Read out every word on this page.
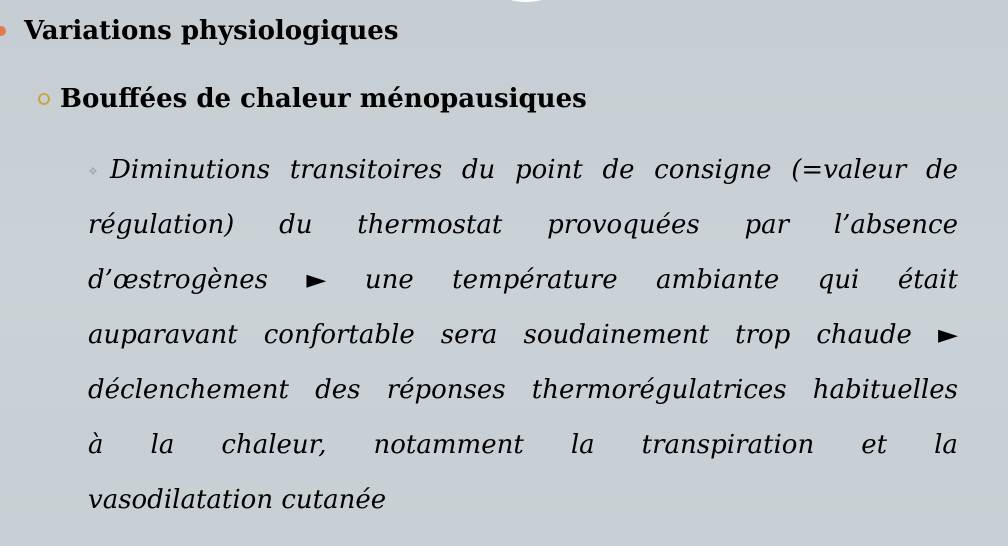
Variations physiologiques
Bouffées de chaleur ménopausiques
❖ Diminutions transitoires du point de consigne (=valeur de
régulation) du thermostat provoquées par l’absence
d’œstrogènes ► une température ambiante qui était
auparavant confortable sera soudainement trop chaude ►
déclenchement des réponses thermorégulatrices habituelles
à la chaleur, notamment la transpiration et la
vasodilatation cutanée
